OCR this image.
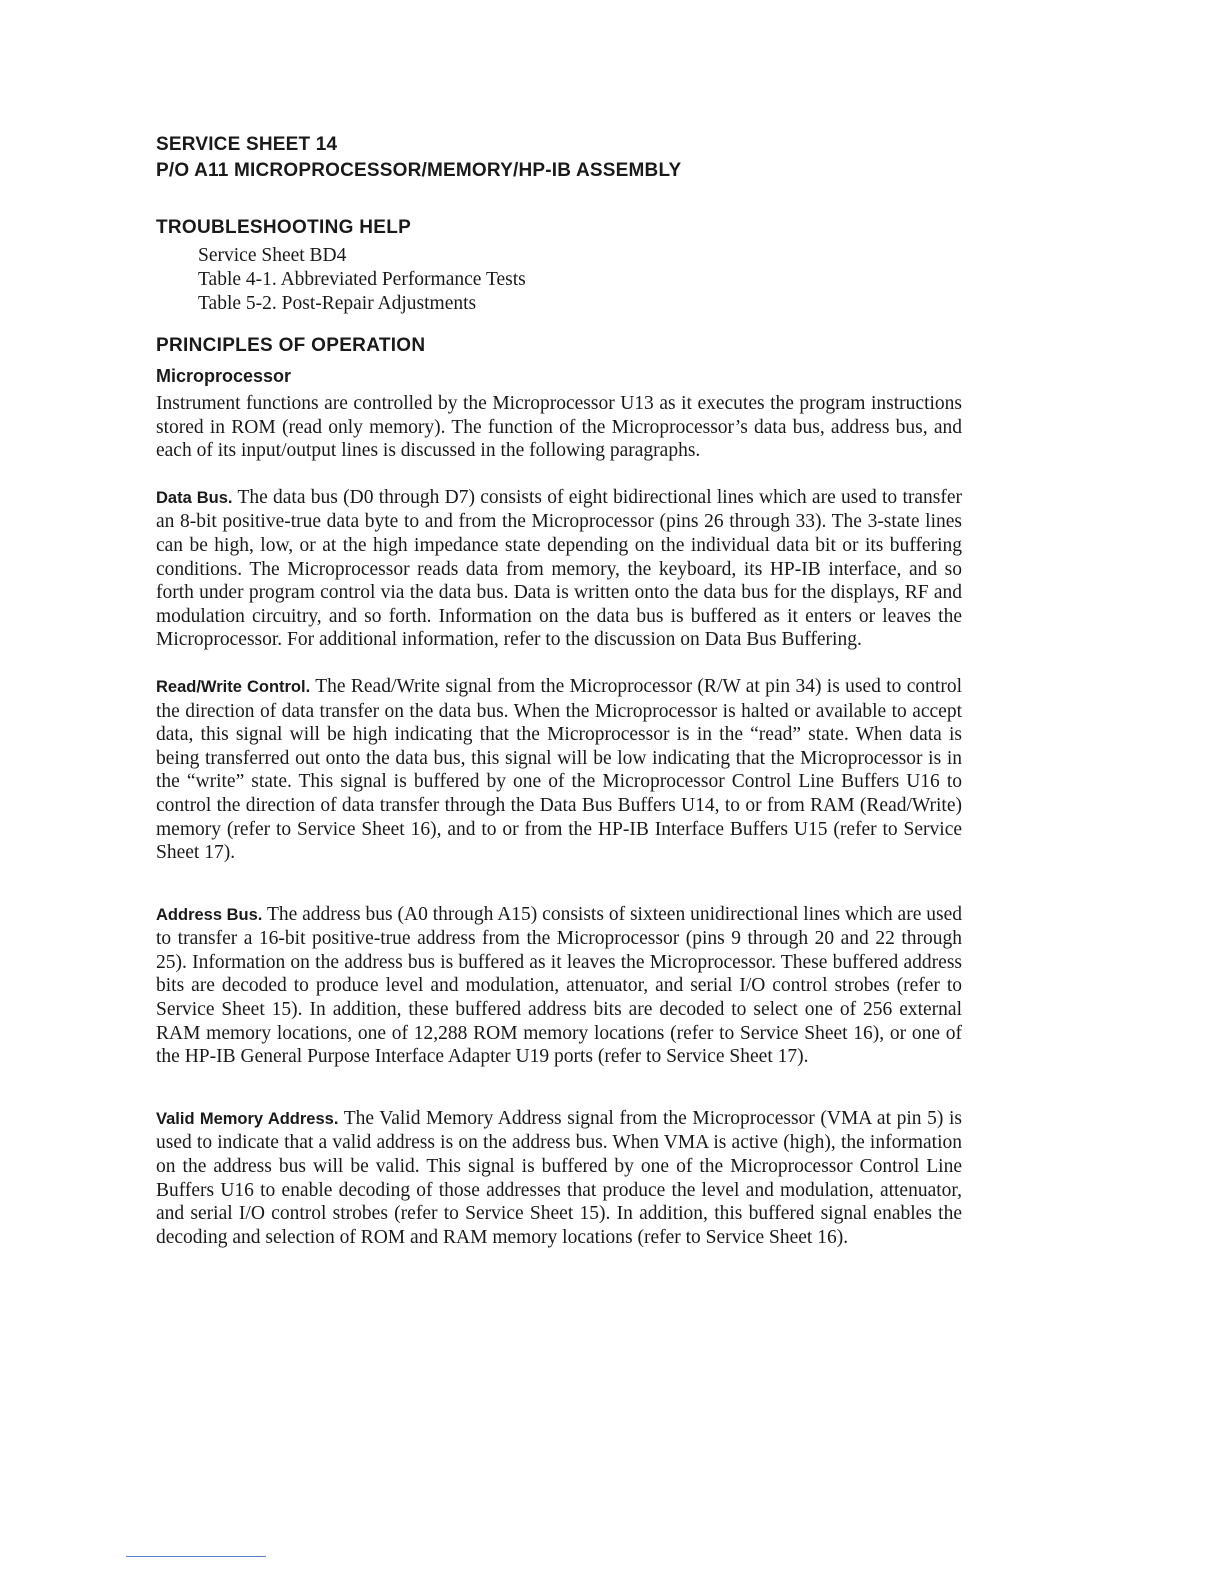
SERVICE SHEET 14
P/O A11 MICROPROCESSOR/MEMORY/HP-IB ASSEMBLY
TROUBLESHOOTING HELP
Service Sheet BD4
Table 4-1. Abbreviated Performance Tests
Table 5-2. Post-Repair Adjustments
PRINCIPLES OF OPERATION
Microprocessor

Instrument functions are controlled by the Microprocessor U13 as it executes the program instructions stored in ROM (read only memory). The function of the Microprocessor’s data bus, address bus, and each of its input/output lines is discussed in the following paragraphs.

Data Bus. The data bus (D0 through D7) consists of eight bidirectional lines which are used to transfer an 8-bit positive-true data byte to and from the Microprocessor (pins 26 through 33). The 3-state lines can be high, low, or at the high impedance state depending on the individual data bit or its buffering conditions. The Microprocessor reads data from memory, the keyboard, its HP-IB interface, and so forth under program control via the data bus. Data is written onto the data bus for the displays, RF and modulation circuitry, and so forth. Information on the data bus is buffered as it enters or leaves the Microprocessor. For additional information, refer to the discussion on Data Bus Buffering.

Read/Write Control. The Read/Write signal from the Microprocessor (R/W at pin 34) is used to control the direction of data transfer on the data bus. When the Microprocessor is halted or available to accept data, this signal will be high indicating that the Microprocessor is in the “read” state. When data is being transferred out onto the data bus, this signal will be low indicating that the Microprocessor is in the “write” state. This signal is buffered by one of the Microprocessor Control Line Buffers U16 to control the direction of data transfer through the Data Bus Buffers U14, to or from RAM (Read/Write) memory (refer to Service Sheet 16), and to or from the HP-IB Interface Buffers U15 (refer to Service Sheet 17).

Address Bus. The address bus (A0 through A15) consists of sixteen unidirectional lines which are used to transfer a 16-bit positive-true address from the Microprocessor (pins 9 through 20 and 22 through 25). Information on the address bus is buffered as it leaves the Microprocessor. These buffered address bits are decoded to produce level and modulation, attenuator, and serial I/O control strobes (refer to Service Sheet 15). In addition, these buffered address bits are decoded to select one of 256 external RAM memory locations, one of 12,288 ROM memory locations (refer to Service Sheet 16), or one of the HP-IB General Purpose Interface Adapter U19 ports (refer to Service Sheet 17).

Valid Memory Address. The Valid Memory Address signal from the Microprocessor (VMA at pin 5) is used to indicate that a valid address is on the address bus. When VMA is active (high), the information on the address bus will be valid. This signal is buffered by one of the Microprocessor Control Line Buffers U16 to enable decoding of those addresses that produce the level and modulation, attenuator, and serial I/O control strobes (refer to Service Sheet 15). In addition, this buffered signal enables the decoding and selection of ROM and RAM memory locations (refer to Service Sheet 16).
